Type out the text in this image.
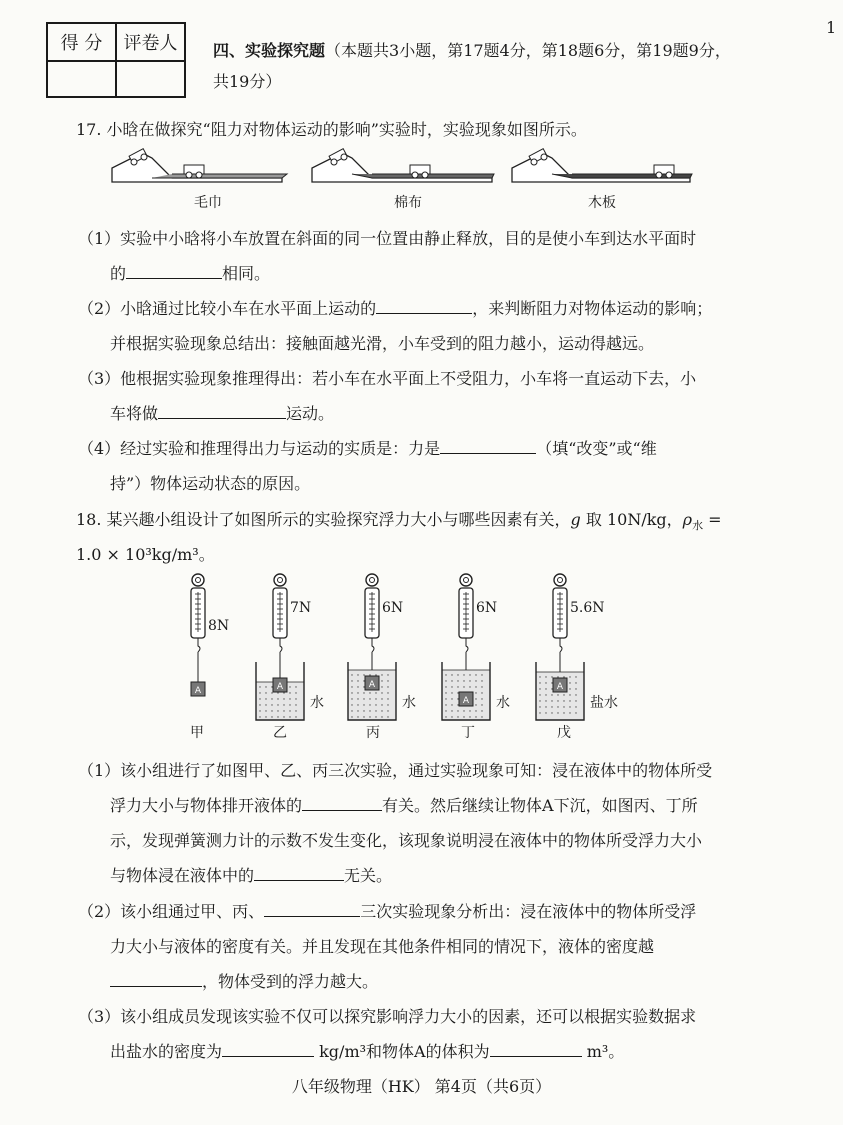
1
得 分	评卷人
	四、实验探究题（本题共3小题，第17题4分，第18题6分，第19题9分，
共19分）
17. 小晗在做探究“阻力对物体运动的影响”实验时，实验现象如图所示。
毛巾	棉布	木板
（1）实验中小晗将小车放置在斜面的同一位置由静止释放，目的是使小车到达水平面时
的	相同。
（2）小晗通过比较小车在水平面上运动的	，来判断阻力对物体运动的影响；
并根据实验现象总结出：接触面越光滑，小车受到的阻力越小，运动得越远。
（3）他根据实验现象推理得出：若小车在水平面上不受阻力，小车将一直运动下去，小
车将做	运动。
（4）经过实验和推理得出力与运动的实质是：力是	（填“改变”或“维
持”）物体运动状态的原因。
18. 某兴趣小组设计了如图所示的实验探究浮力大小与哪些因素有关，g 取 10N/kg，$\rho_水$ =
1.0 × 10³kg/m³。
A
8N
水
A
7N
水
A
6N
水
A
6N
盐水
A
5.6N
甲	乙	丙	丁	戊
（1）该小组进行了如图甲、乙、丙三次实验，通过实验现象可知：浸在液体中的物体所受
浮力大小与物体排开液体的	有关。然后继续让物体A下沉，如图丙、丁所
示，发现弹簧测力计的示数不发生变化，该现象说明浸在液体中的物体所受浮力大小
与物体浸在液体中的	无关。
（2）该小组通过甲、丙、	三次实验现象分析出：浸在液体中的物体所受浮
力大小与液体的密度有关。并且发现在其他条件相同的情况下，液体的密度越
，物体受到的浮力越大。
（3）该小组成员发现该实验不仅可以探究影响浮力大小的因素，还可以根据实验数据求
出盐水的密度为	kg/m³和物体A的体积为	m³。
八年级物理（HK） 第4页（共6页）
